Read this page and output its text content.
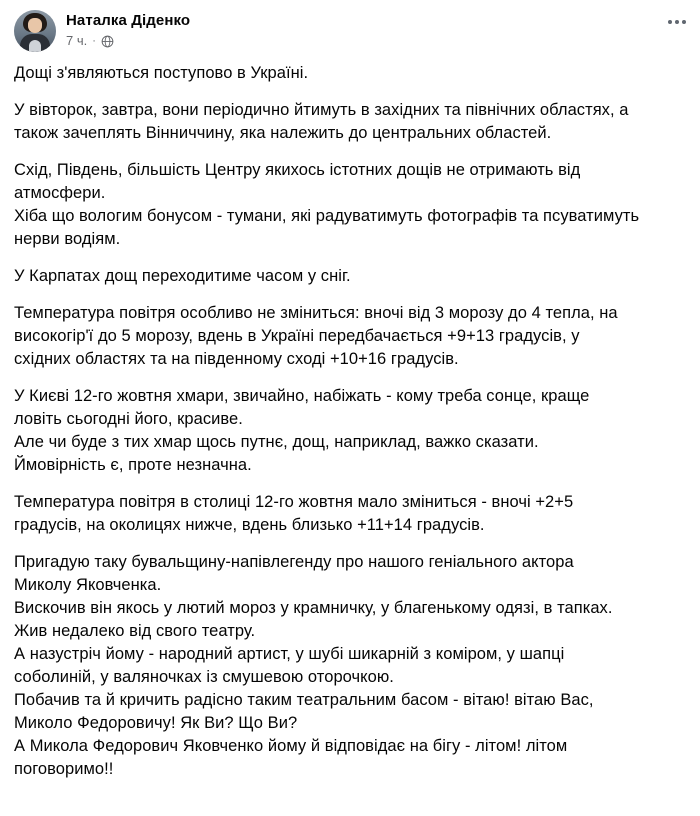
Наталка Діденко
7 ч. ·

Дощі з'являються поступово в Україні.

У вівторок, завтра, вони періодично йтимуть в західних та північних областях, а
також зачеплять Вінниччину, яка належить до центральних областей.

Схід, Південь, більшість Центру якихось істотних дощів не отримають від
атмосфери.
Хіба що вологим бонусом - тумани, які радуватимуть фотографів та псуватимуть
нерви водіям.

У Карпатах дощ переходитиме часом у сніг.

Температура повітря особливо не зміниться: вночі від 3 морозу до 4 тепла, на
високогір'ї до 5 морозу, вдень в Україні передбачається +9+13 градусів, у
східних областях та на південному сході +10+16 градусів.

У Києві 12-го жовтня хмари, звичайно, набіжать - кому треба сонце, краще
ловіть сьогодні його, красиве.
Але чи буде з тих хмар щось путнє, дощ, наприклад, важко сказати.
Ймовірність є, проте незначна.

Температура повітря в столиці 12-го жовтня мало зміниться - вночі +2+5
градусів, на околицях нижче, вдень близько +11+14 градусів.

Пригадую таку бувальщину-напівлегенду про нашого геніального актора
Миколу Яковченка.
Вискочив він якось у лютий мороз у крамничку, у благенькому одязі, в тапках.
Жив недалеко від свого театру.
А назустріч йому - народний артист, у шубі шикарній з коміром, у шапці
соболиній, у валяночках із смушевою оторочкою.
Побачив та й кричить радісно таким театральним басом - вітаю! вітаю Вас,
Миколо Федоровичу! Як Ви? Що Ви?
А Микола Федорович Яковченко йому й відповідає на бігу - літом! літом
поговоримо!!
